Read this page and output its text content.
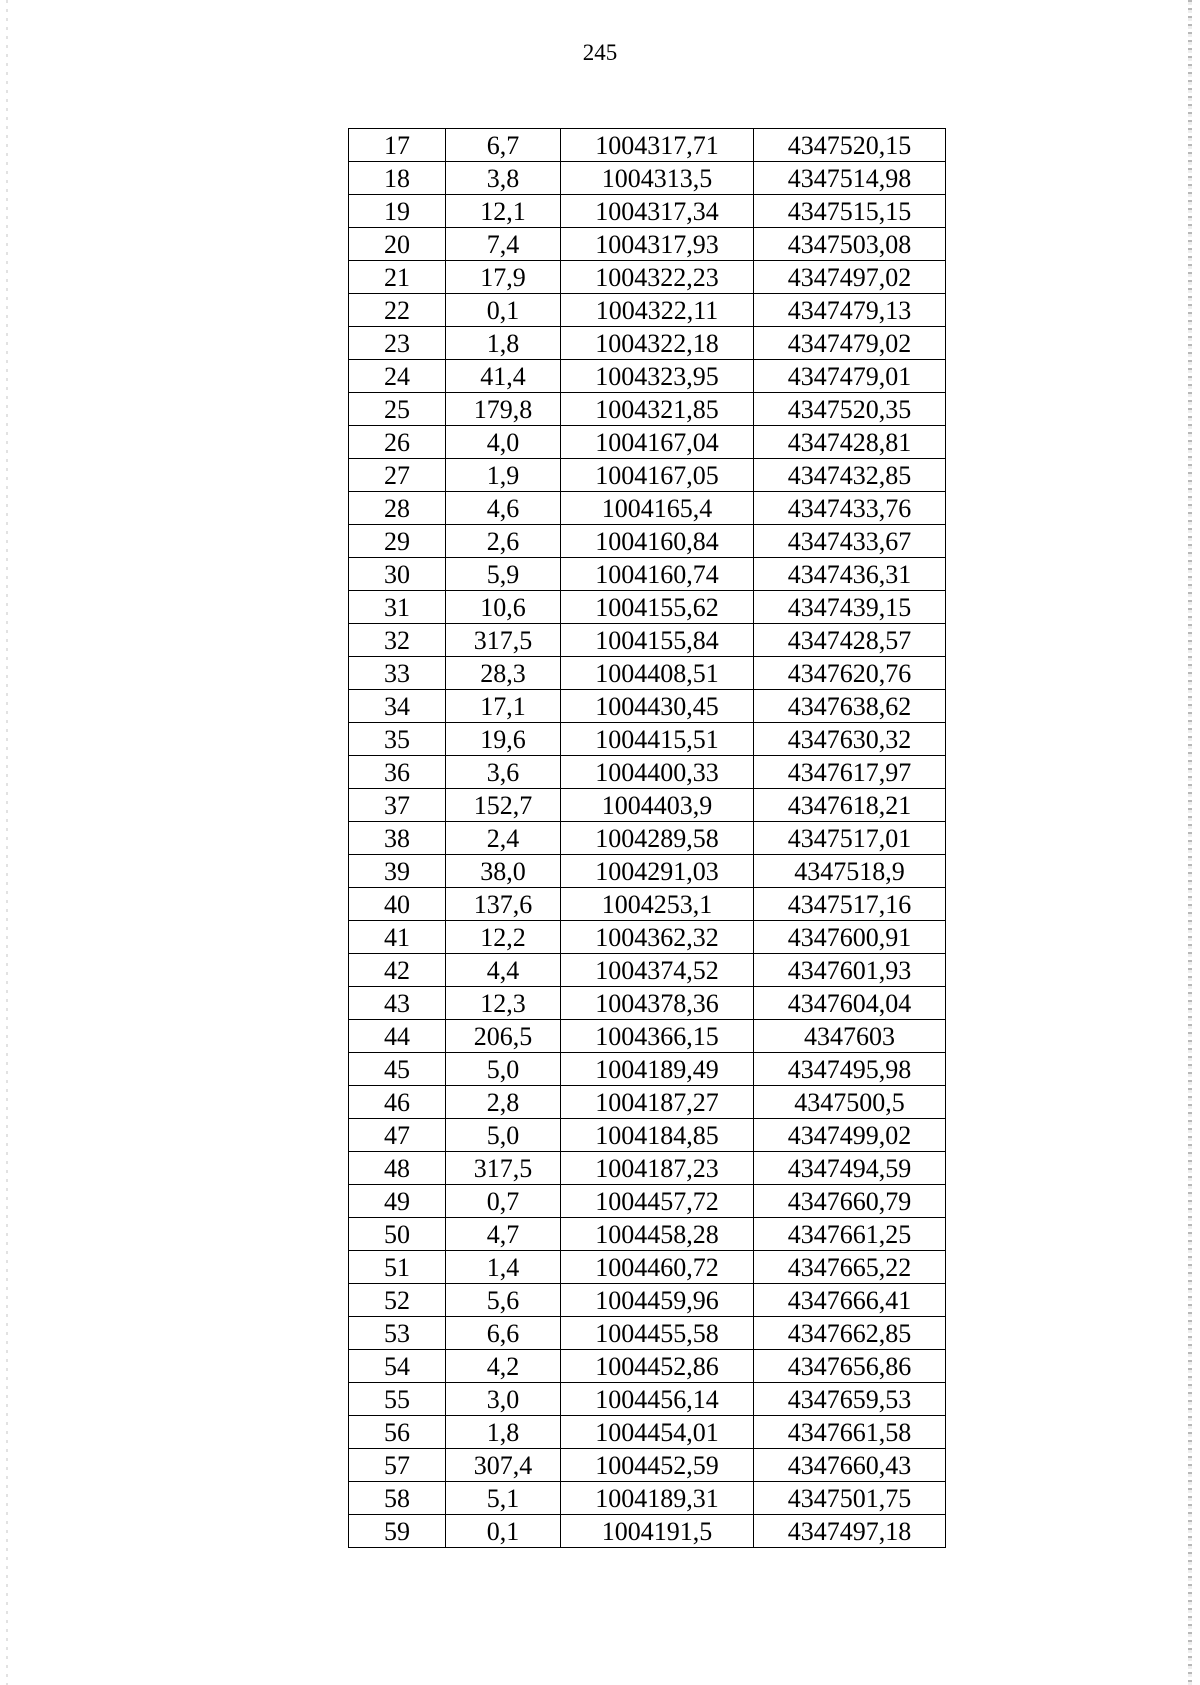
245
17	6,7	1004317,71	4347520,15
18	3,8	1004313,5	4347514,98
19	12,1	1004317,34	4347515,15
20	7,4	1004317,93	4347503,08
21	17,9	1004322,23	4347497,02
22	0,1	1004322,11	4347479,13
23	1,8	1004322,18	4347479,02
24	41,4	1004323,95	4347479,01
25	179,8	1004321,85	4347520,35
26	4,0	1004167,04	4347428,81
27	1,9	1004167,05	4347432,85
28	4,6	1004165,4	4347433,76
29	2,6	1004160,84	4347433,67
30	5,9	1004160,74	4347436,31
31	10,6	1004155,62	4347439,15
32	317,5	1004155,84	4347428,57
33	28,3	1004408,51	4347620,76
34	17,1	1004430,45	4347638,62
35	19,6	1004415,51	4347630,32
36	3,6	1004400,33	4347617,97
37	152,7	1004403,9	4347618,21
38	2,4	1004289,58	4347517,01
39	38,0	1004291,03	4347518,9
40	137,6	1004253,1	4347517,16
41	12,2	1004362,32	4347600,91
42	4,4	1004374,52	4347601,93
43	12,3	1004378,36	4347604,04
44	206,5	1004366,15	4347603
45	5,0	1004189,49	4347495,98
46	2,8	1004187,27	4347500,5
47	5,0	1004184,85	4347499,02
48	317,5	1004187,23	4347494,59
49	0,7	1004457,72	4347660,79
50	4,7	1004458,28	4347661,25
51	1,4	1004460,72	4347665,22
52	5,6	1004459,96	4347666,41
53	6,6	1004455,58	4347662,85
54	4,2	1004452,86	4347656,86
55	3,0	1004456,14	4347659,53
56	1,8	1004454,01	4347661,58
57	307,4	1004452,59	4347660,43
58	5,1	1004189,31	4347501,75
59	0,1	1004191,5	4347497,18
